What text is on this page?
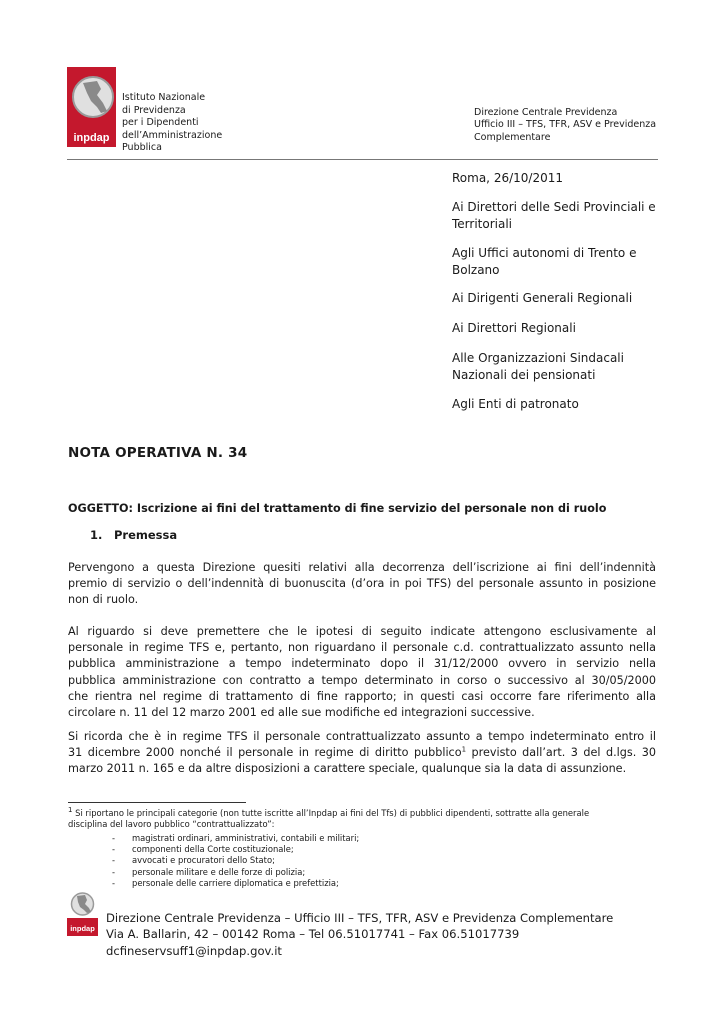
inpdap
Istituto Nazionale
di Previdenza
per i Dipendenti
dell’Amministrazione
Pubblica
Direzione Centrale Previdenza
Ufficio III – TFS, TFR, ASV e Previdenza
Complementare
Roma, 26/10/2011
Ai Direttori delle Sedi Provinciali e
Territoriali
Agli Uffici autonomi di Trento e
Bolzano
Ai Dirigenti Generali Regionali
Ai Direttori Regionali
Alle Organizzazioni Sindacali
Nazionali dei pensionati
Agli Enti di patronato
NOTA OPERATIVA N. 34
OGGETTO: Iscrizione ai fini del trattamento di fine servizio del personale non di ruolo
1. Premessa
Pervengono a questa Direzione quesiti relativi alla decorrenza dell’iscrizione ai fini dell’indennità
premio di servizio o dell’indennità di buonuscita (d’ora in poi TFS) del personale assunto in posizione
non di ruolo.
Al riguardo si deve premettere che le ipotesi di seguito indicate attengono esclusivamente al
personale in regime TFS e, pertanto, non riguardano il personale c.d. contrattualizzato assunto nella
pubblica amministrazione a tempo indeterminato dopo il 31/12/2000 ovvero in servizio nella
pubblica amministrazione con contratto a tempo determinato in corso o successivo al 30/05/2000
che rientra nel regime di trattamento di fine rapporto; in questi casi occorre fare riferimento alla
circolare n. 11 del 12 marzo 2001 ed alle sue modifiche ed integrazioni successive.
Si ricorda che è in regime TFS il personale contrattualizzato assunto a tempo indeterminato entro il
31 dicembre 2000 nonché il personale in regime di diritto pubblico$^1$ previsto dall’art. 3 del d.lgs. 30
marzo 2011 n. 165 e da altre disposizioni a carattere speciale, qualunque sia la data di assunzione.
$^1$ Si riportano le principali categorie (non tutte iscritte all’Inpdap ai fini del Tfs) di pubblici dipendenti, sottratte alla generale
disciplina del lavoro pubblico “contrattualizzato”:
- magistrati ordinari, amministrativi, contabili e militari;
- componenti della Corte costituzionale;
- avvocati e procuratori dello Stato;
- personale militare e delle forze di polizia;
- personale delle carriere diplomatica e prefettizia;
inpdap
Direzione Centrale Previdenza – Ufficio III – TFS, TFR, ASV e Previdenza Complementare
Via A. Ballarin, 42 – 00142 Roma – Tel 06.51017741 – Fax 06.51017739
dcfineservsuff1@inpdap.gov.it
